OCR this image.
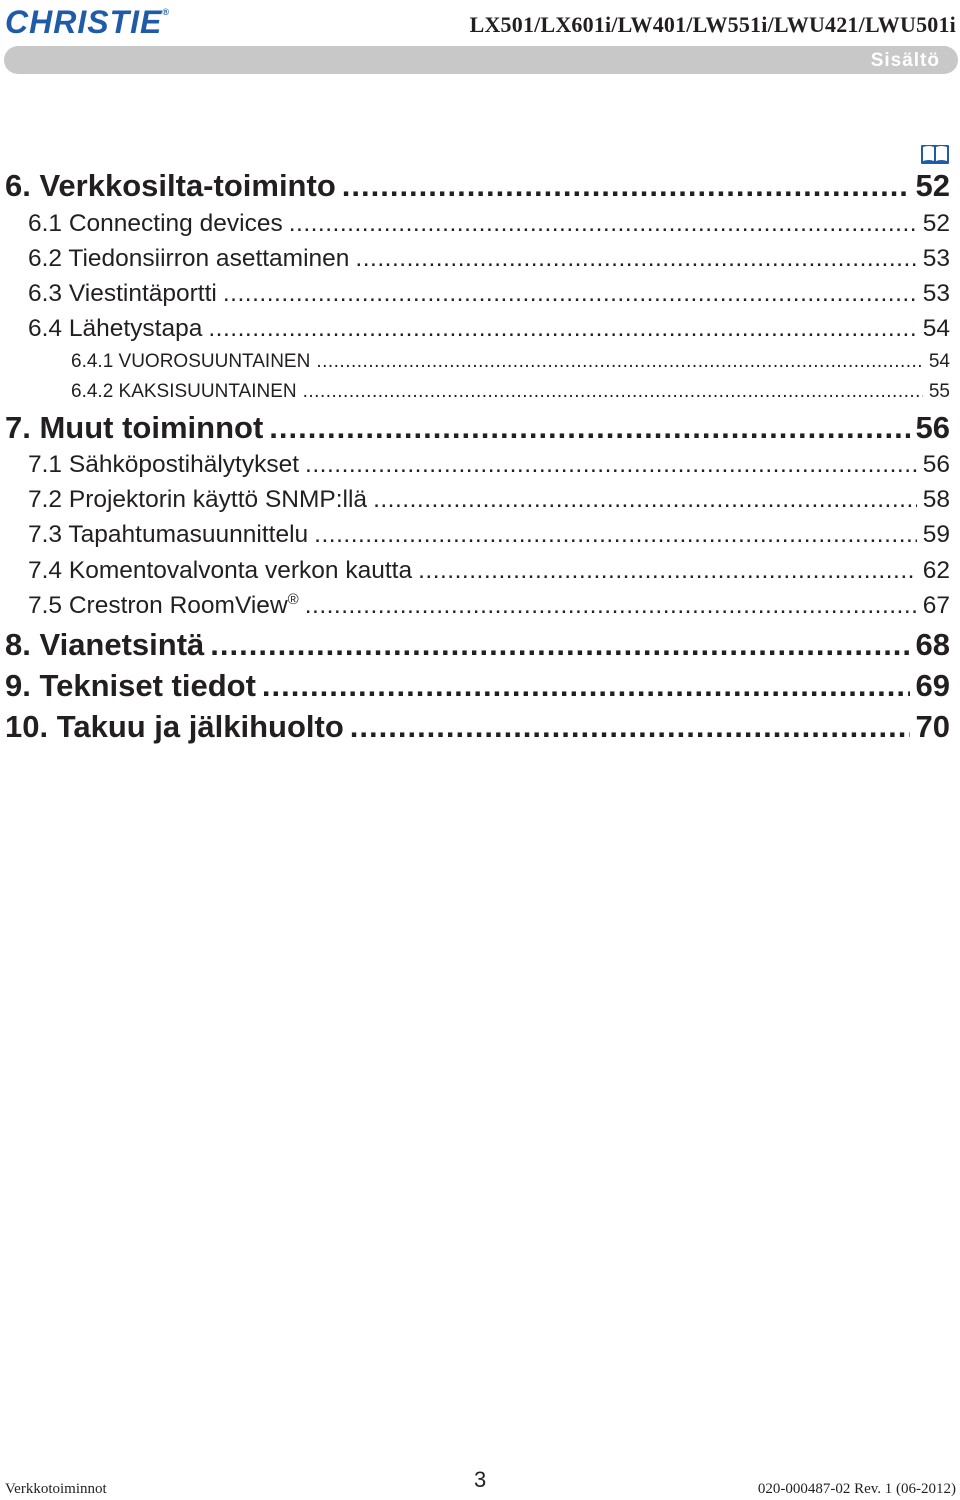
CHRISTIE®	LX501/LX601i/LW401/LW551i/LWU421/LWU501i
Sisältö
6. Verkkosilta-toiminto .....	52
6.1 Connecting devices .....	52
6.2 Tiedonsiirron asettaminen .....	53
6.3 Viestintäportti .....	53
6.4 Lähetystapa .....	54
6.4.1 VUOROSUUNTAINEN .....	54
6.4.2 KAKSISUUNTAINEN .....	55
7. Muut toiminnot .....	56
7.1 Sähköpostihälytykset .....	56
7.2 Projektorin käyttö SNMP:llä .....	58
7.3 Tapahtumasuunnittelu .....	59
7.4 Komentovalvonta verkon kautta .....	62
7.5 Crestron RoomView® .....	67
8. Vianetsintä .....	68
9. Tekniset tiedot .....	69
10. Takuu ja jälkihuolto .....	70
Verkkotoiminnot	3	020-000487-02 Rev. 1 (06-2012)
